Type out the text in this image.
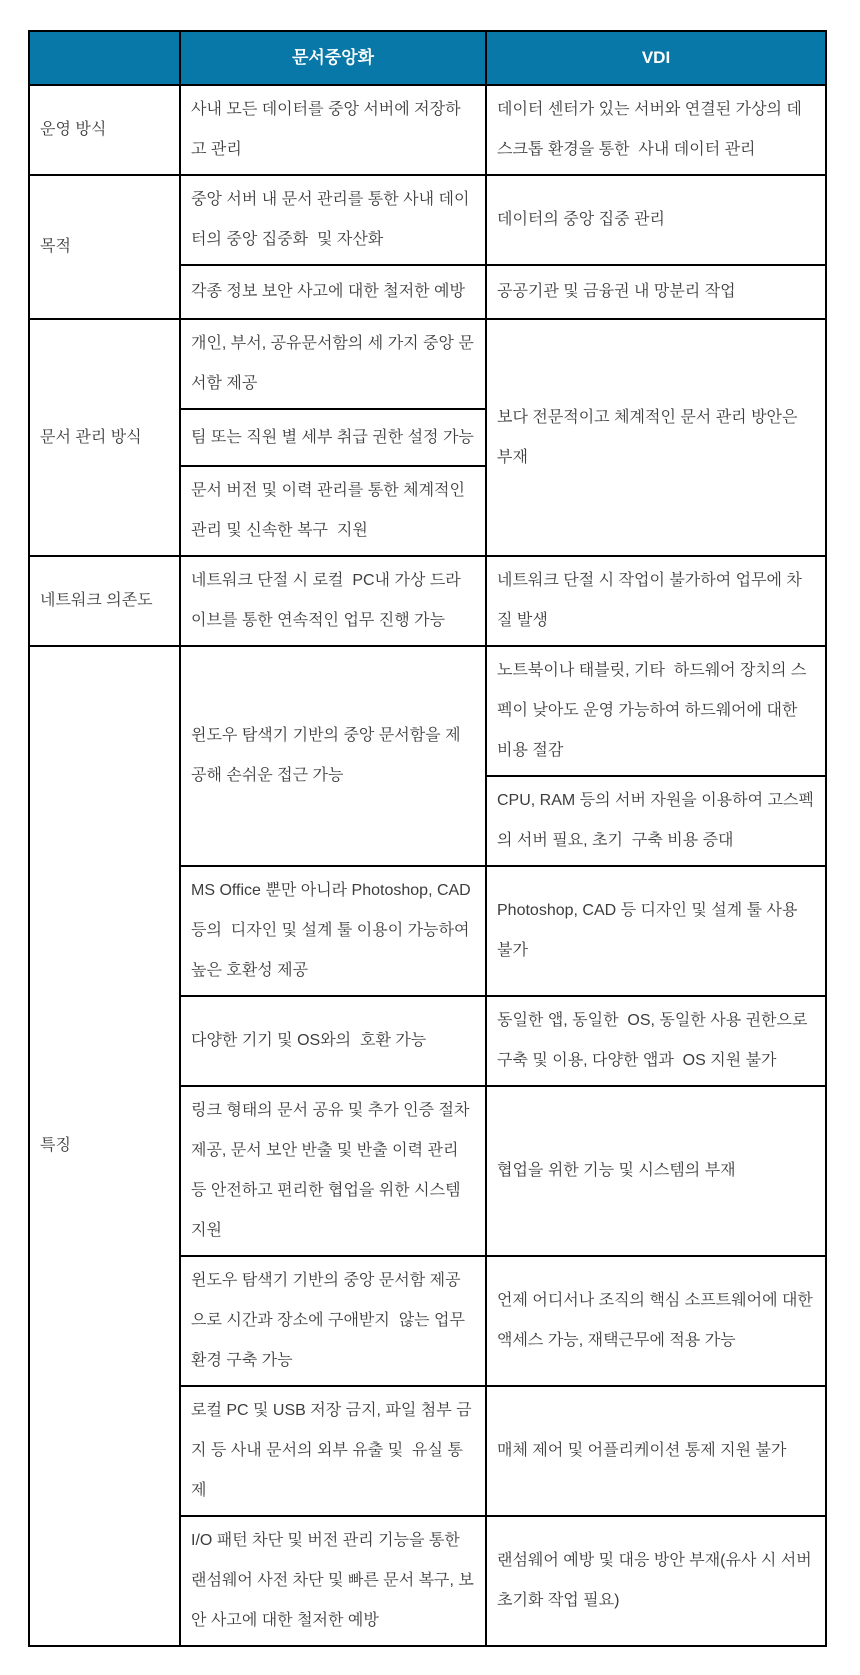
	문서중앙화	VDI
운영 방식	사내 모든 데이터를 중앙 서버에 저장하고 관리	데이터 센터가 있는 서버와 연결된 가상의 데스크톱 환경을 통한  사내 데이터 관리
목적	중앙 서버 내 문서 관리를 통한 사내 데이터의 중앙 집중화  및 자산화	데이터의 중앙 집중 관리
	각종 정보 보안 사고에 대한 철저한 예방	공공기관 및 금융권 내 망분리 작업
문서 관리 방식	개인, 부서, 공유문서함의 세 가지 중앙 문서함 제공	보다 전문적이고 체계적인 문서 관리 방안은 부재
	팀 또는 직원 별 세부 취급 권한 설정 가능	
	문서 버전 및 이력 관리를 통한 체계적인 관리 및 신속한 복구  지원	
네트워크 의존도	네트워크 단절 시 로컬  PC내 가상 드라이브를 통한 연속적인 업무 진행 가능	네트워크 단절 시 작업이 불가하여 업무에 차질 발생
특징	윈도우 탐색기 기반의 중앙 문서함을 제공해 손쉬운 접근 가능	노트북이나 태블릿, 기타  하드웨어 장치의 스펙이 낮아도 운영 가능하여 하드웨어에 대한 비용 절감
		CPU, RAM 등의 서버 자원을 이용하여 고스펙의 서버 필요, 초기  구축 비용 증대
	MS Office 뿐만 아니라 Photoshop, CAD 등의  디자인 및 설계 툴 이용이 가능하여 높은 호환성 제공	Photoshop, CAD 등 디자인 및 설계 툴 사용 불가
	다양한 기기 및 OS와의  호환 가능	동일한 앱, 동일한  OS, 동일한 사용 권한으로 구축 및 이용, 다양한 앱과  OS 지원 불가
	링크 형태의 문서 공유 및 추가 인증 절차 제공, 문서 보안 반출 및 반출 이력 관리 등 안전하고 편리한 협업을 위한 시스템 지원	협업을 위한 기능 및 시스템의 부재
	윈도우 탐색기 기반의 중앙 문서함 제공으로 시간과 장소에 구애받지  않는 업무 환경 구축 가능	언제 어디서나 조직의 핵심 소프트웨어에 대한 액세스 가능, 재택근무에 적용 가능
	로컬 PC 및 USB 저장 금지, 파일 첨부 금지 등 사내 문서의 외부 유출 및  유실 통제	매체 제어 및 어플리케이션 통제 지원 불가
	I/O 패턴 차단 및 버전 관리 기능을 통한 랜섬웨어 사전 차단 및 빠른 문서 복구, 보안 사고에 대한 철저한 예방	랜섬웨어 예방 및 대응 방안 부재(유사 시 서버 초기화 작업 필요)
